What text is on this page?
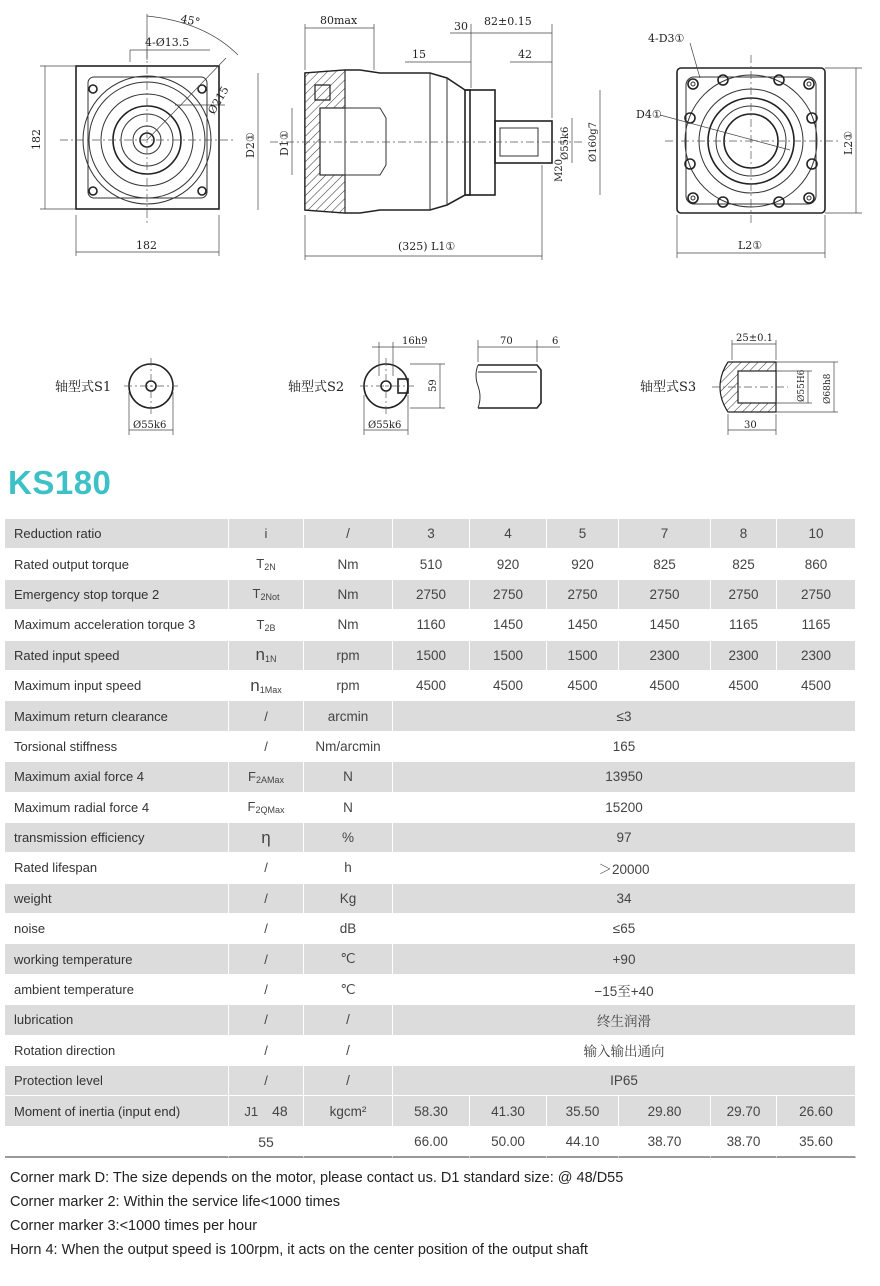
45°
4-Ø13.5
Ø215
182
182
80max	30 82±0.15
15	42
D2① D1①	Ø55k6 Ø160g7
M20
(325) L1①
4-D3①
D4①
L2①
L2①
轴型式S1
Ø55k6
轴型式S2
16h9
59
Ø55k6
70	6
轴型式S3
25±0.1
Ø55H6 Ø68h8
30
KS180
Reduction ratio	i	/	3	4	5	7	8	10
Rated output torque	$T_{2N}$	Nm	510	920	920	825	825	860
Emergency stop torque 2	$T_{2Not}$	Nm	2750	2750	2750	2750	2750	2750
Maximum acceleration torque 3	$T_{2B}$	Nm	1160	1450	1450	1450	1165	1165
Rated input speed	$n_{1N}$	rpm	1500	1500	1500	2300	2300	2300
Maximum input speed	$n_{1Max}$	rpm	4500	4500	4500	4500	4500	4500
Maximum return clearance	/	arcmin	≤3					
Torsional stiffness	/	Nm/arcmin	165					
Maximum axial force 4	$F_{2AMax}$	N	13950					
Maximum radial force 4	$F_{2QMax}$	N	15200					
transmission efficiency	η	%	97					
Rated lifespan	/	h	＞20000					
weight	/	Kg	34					
noise	/	dB	≤65					
working temperature	/	℃	+90					
ambient temperature	/	℃	−15至+40					
lubrication	/	/	终生润滑					
Rotation direction	/	/	输入输出通向					
Protection level	/	/	IP65					
Moment of inertia (input end)	J1 48	kgcm²	58.30	41.30	35.50	29.80	29.70	26.60
	55		66.00	50.00	44.10	38.70	38.70	35.60
Corner mark D: The size depends on the motor, please contact us. D1 standard size: @ 48/D55
Corner marker 2: Within the service life<1000 times
Corner marker 3:<1000 times per hour
Horn 4: When the output speed is 100rpm, it acts on the center position of the output shaft
